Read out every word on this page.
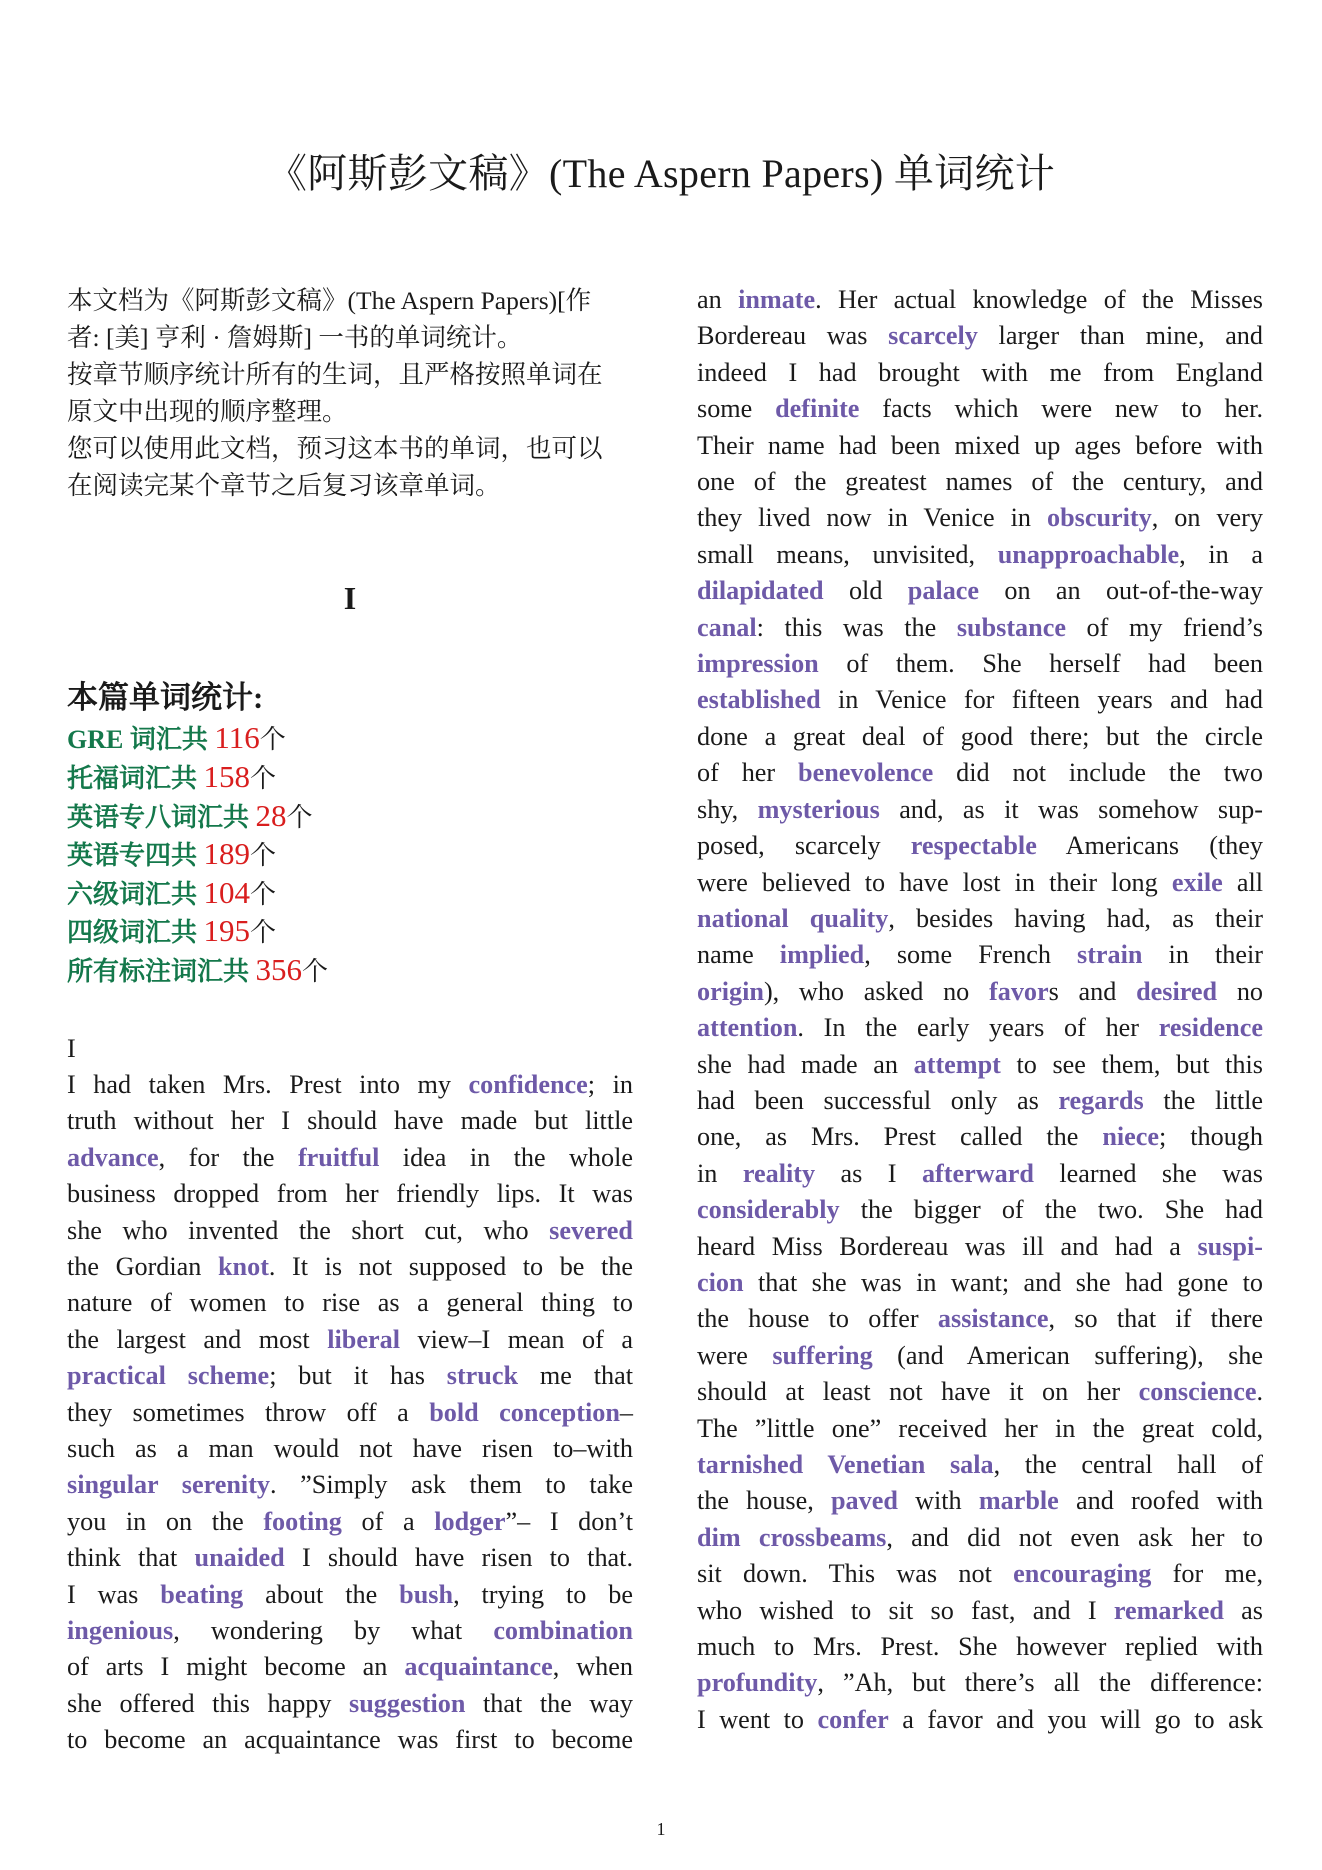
《阿斯彭文稿》(The Aspern Papers) 单词统计
本文档为《阿斯彭文稿》(The Aspern Papers)[作
者: [美] 亨利 · 詹姆斯] 一书的单词统计。
按章节顺序统计所有的生词，且严格按照单词在
原文中出现的顺序整理。
您可以使用此文档，预习这本书的单词，也可以
在阅读完某个章节之后复习该章单词。
I
本篇单词统计:
GRE 词汇共 116个
托福词汇共 158个
英语专八词汇共 28个
英语专四共 189个
六级词汇共 104个
四级词汇共 195个
所有标注词汇共 356个
I
I had taken Mrs. Prest into my confidence; in
truth without her I should have made but little
advance, for the fruitful idea in the whole
business dropped from her friendly lips. It was
she who invented the short cut, who severed
the Gordian knot. It is not supposed to be the
nature of women to rise as a general thing to
the largest and most liberal view–I mean of a
practical scheme; but it has struck me that
they sometimes throw off a bold conception–
such as a man would not have risen to–with
singular serenity. ”Simply ask them to take
you in on the footing of a lodger”– I don’t
think that unaided I should have risen to that.
I was beating about the bush, trying to be
ingenious, wondering by what combination
of arts I might become an acquaintance, when
she offered this happy suggestion that the way
to become an acquaintance was first to become
an inmate. Her actual knowledge of the Misses
Bordereau was scarcely larger than mine, and
indeed I had brought with me from England
some definite facts which were new to her.
Their name had been mixed up ages before with
one of the greatest names of the century, and
they lived now in Venice in obscurity, on very
small means, unvisited, unapproachable, in a
dilapidated old palace on an out-of-the-way
canal: this was the substance of my friend’s
impression of them. She herself had been
established in Venice for fifteen years and had
done a great deal of good there; but the circle
of her benevolence did not include the two
shy, mysterious and, as it was somehow sup-
posed, scarcely respectable Americans (they
were believed to have lost in their long exile all
national quality, besides having had, as their
name implied, some French strain in their
origin), who asked no favors and desired no
attention. In the early years of her residence
she had made an attempt to see them, but this
had been successful only as regards the little
one, as Mrs. Prest called the niece; though
in reality as I afterward learned she was
considerably the bigger of the two. She had
heard Miss Bordereau was ill and had a suspi-
cion that she was in want; and she had gone to
the house to offer assistance, so that if there
were suffering (and American suffering), she
should at least not have it on her conscience.
The ”little one” received her in the great cold,
tarnished Venetian sala, the central hall of
the house, paved with marble and roofed with
dim crossbeams, and did not even ask her to
sit down. This was not encouraging for me,
who wished to sit so fast, and I remarked as
much to Mrs. Prest. She however replied with
profundity, ”Ah, but there’s all the difference:
I went to confer a favor and you will go to ask
1
